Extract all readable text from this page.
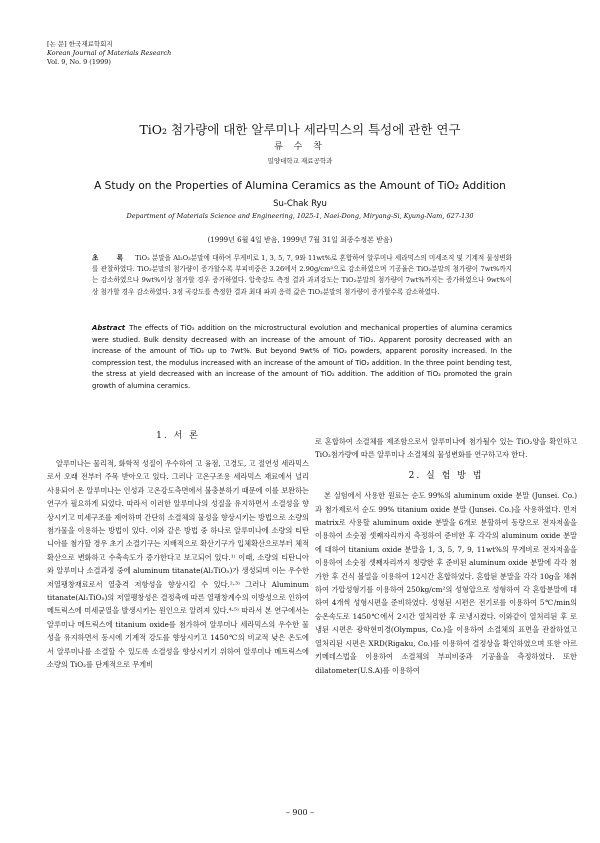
[논 문] 한국재료학회지
Korean Journal of Materials Research
Vol. 9, No. 9 (1999)
TiO₂ 첨가량에 대한 알루미나 세라믹스의 특성에 관한 연구
류 수 착
밀양대학교 재료공학과
A Study on the Properties of Alumina Ceramics as the Amount of TiO₂ Addition
Su-Chak Ryu
Department of Materials Science and Engineering, 1025-1, Naei-Dong, Miryang-Si, Kyung-Nam, 627-130
(1999년 6월 4일 받음, 1999년 7월 31일 최종수정본 받음)
초 록 TiO₂ 분말을 Al₂O₃분말에 대하여 무게비로 1, 3, 5, 7, 9와 11wt%로 혼합하여 알루미나 세라믹스의 미세조직 및 기계적 물성변화를 관찰하였다. TiO₂분말의 첨가량이 증가할수록 부피비중은 3.26에서 2.90g/cm³으로 감소하였으며 기공율은 TiO₂분말의 첨가량이 7wt%까지는 감소하였으나 9wt%이상 첨가할 경우 증가하였다. 압축강도 측정 결과 과괴강도는 TiO₂분말의 첨가량이 7wt%까지는 증가하였으나 9wt%이상 첨가할 경우 감소하였다. 3점 곡강도를 측정한 결과 최대 파괴 응력 값은 TiO₂분말의 첨가량이 증가할수록 감소하였다.
Abstract The effects of TiO₂ addition on the microstructural evolution and mechanical properties of alumina ceramics were studied. Bulk density decreased with an increase of the amount of TiO₂. Apparent porosity decreased with an increase of the amount of TiO₂ up to 7wt%. But beyond 9wt% of TiO₂ powders, apparent porosity increased. In the compression test, the modulus increased with an increase of the amount of TiO₂ addition. In the three point bending test, the stress at yield decreased with an increase of the amount of TiO₂ addition. The addition of TiO₂ promoted the grain growth of alumina ceramics.
1. 서 론

알루미나는 물리적, 화학적 성질이 우수하여 고 융점, 고경도, 고 절연성 세라믹스로서 오래 전부터 주목 받아오고 있다. 그러나 고온구조용 세라믹스 재료에서 널리 사용되어 온 알루미나는 인성과 고온강도측면에서 불충분하기 때문에 이를 보완하는 연구가 필요하게 되었다. 따라서 이러한 알루미나의 성질을 유지하면서 소결성을 향상시키고 미세구조를 제어하며 간단히 소결체의 물성을 향상시키는 방법으로 소량의 첨가물을 이용하는 방법이 있다. 이와 같은 방법 중 하나로 알루미나에 소량의 티탄니아를 첨가할 경우 초기 소결기구는 지배적으로 확산기구가 입체확산으로부터 체적확산으로 변화하고 수축속도가 증가한다고 보고되어 있다.¹⁾ 이때, 소량의 티탄니아와 알루미나 소결과정 중에 aluminum titanate(Al₂TiO₅)가 생성되며 이는 우수한 저열팽창재료로서 열충격 저항성을 향상시킬 수 있다.²·³⁾ 그러나 Aluminum titanate(Al₂TiO₅)의 저열팽창성은 결정축에 따른 열팽창계수의 이방성으로 인하여 메트릭스에 미세균열을 발생시키는 원인으로 알려져 있다.⁴·⁵⁾ 따라서 본 연구에서는 알루미나 메트릭스에 titanium oxide를 첨가하여 알루미나 세라믹스의 우수한 물성을 유지하면서 동시에 기계적 강도를 향상시키고 1450℃의 비교적 낮은 온도에서 알루미나를 소결할 수 있도록 소결성을 향상시키기 위하여 알루미나 메트릭스에 소량의 TiO₂를 단계적으로 무게비

로 혼합하여 소결체를 제조함으로서 알루미나에 첨가될수 있는 TiO₂양을 확인하고 TiO₂첨가량에 따른 알루미나 소결체의 물성변화를 연구하고자 한다.

2. 실 험 방 법

본 실험에서 사용한 원료는 순도 99%의 aluminum oxide 분말 (Junsei. Co.)과 첨가제로서 순도 99% titanium oxide 분말 (Junsei. Co.)을 사용하였다. 먼저 matrix로 사용할 aluminum oxide 분말을 6개로 분할하여 동량으로 전자저울을 이용하여 소숫점 셋째자리까지 측정하여 준비한 후 각각의 aluminum oxide 분말에 대하여 titanium oxide 분말을 1, 3, 5, 7, 9, 11wt%의 무게비로 전자저울을 이용하여 소숫점 셋째자리까지 칭량한 후 준비된 aluminum oxide 분말에 각각 첨가한 후 건식 볼밀을 이용하여 12시간 혼합하였다. 혼합된 분말을 각각 10g을 채취하여 가압성형기를 이용하여 250kg/cm²의 성형압으로 성형하여 각 혼합분말에 대하여 4개씩 성형시편을 준비하였다. 성형된 시편은 전기로를 이용하여 5℃/min의 승온속도로 1450℃에서 2시간 열처리한 후 로냉시켰다. 이와같이 열처리된 후 로냉된 시편은 광학현미경(Olympus, Co.)을 이용하여 소결체의 표면을 관찰하였고 열처리된 시편은 XRD(Rigaku, Co.)를 이용하여 결정상을 확인하였으며 또한 아르키메데스법을 이용하여 소결체의 부피비중과 기공율을 측정하였다. 또한 dilatometer(U.S.A)를 이용하여

– 900 –
